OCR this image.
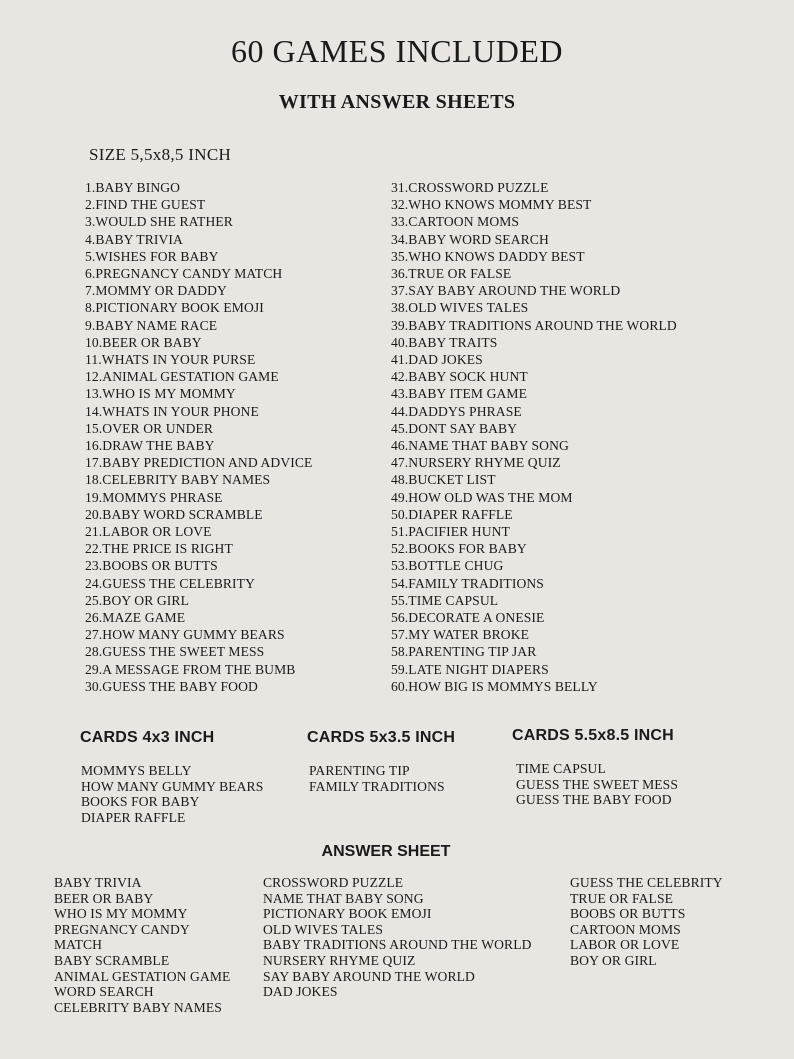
60 GAMES INCLUDED
WITH ANSWER SHEETS
SIZE 5,5x8,5 INCH
1.BABY BINGO
2.FIND THE GUEST
3.WOULD SHE RATHER
4.BABY TRIVIA
5.WISHES FOR BABY
6.PREGNANCY CANDY MATCH
7.MOMMY OR DADDY
8.PICTIONARY BOOK EMOJI
9.BABY NAME RACE
10.BEER OR BABY
11.WHATS IN YOUR PURSE
12.ANIMAL GESTATION GAME
13.WHO IS MY MOMMY
14.WHATS IN YOUR PHONE
15.OVER OR UNDER
16.DRAW THE BABY
17.BABY PREDICTION AND ADVICE
18.CELEBRITY BABY NAMES
19.MOMMYS PHRASE
20.BABY WORD SCRAMBLE
21.LABOR OR LOVE
22.THE PRICE IS RIGHT
23.BOOBS OR BUTTS
24.GUESS THE CELEBRITY
25.BOY OR GIRL
26.MAZE GAME
27.HOW MANY GUMMY BEARS
28.GUESS THE SWEET MESS
29.A MESSAGE FROM THE BUMB
30.GUESS THE BABY FOOD
31.CROSSWORD PUZZLE
32.WHO KNOWS MOMMY BEST
33.CARTOON MOMS
34.BABY WORD SEARCH
35.WHO KNOWS DADDY BEST
36.TRUE OR FALSE
37.SAY BABY AROUND THE WORLD
38.OLD WIVES TALES
39.BABY TRADITIONS AROUND THE WORLD
40.BABY TRAITS
41.DAD JOKES
42.BABY SOCK HUNT
43.BABY ITEM GAME
44.DADDYS PHRASE
45.DONT SAY BABY
46.NAME THAT BABY SONG
47.NURSERY RHYME QUIZ
48.BUCKET LIST
49.HOW OLD WAS THE MOM
50.DIAPER RAFFLE
51.PACIFIER HUNT
52.BOOKS FOR BABY
53.BOTTLE CHUG
54.FAMILY TRADITIONS
55.TIME CAPSUL
56.DECORATE A ONESIE
57.MY WATER BROKE
58.PARENTING TIP JAR
59.LATE NIGHT DIAPERS
60.HOW BIG IS MOMMYS BELLY
CARDS 4x3 INCH	CARDS 5x3.5 INCH	CARDS 5.5x8.5 INCH
MOMMYS BELLY
HOW MANY GUMMY BEARS
BOOKS FOR BABY
DIAPER RAFFLE
PARENTING TIP
FAMILY TRADITIONS
TIME CAPSUL
GUESS THE SWEET MESS
GUESS THE BABY FOOD
ANSWER SHEET
BABY TRIVIA
BEER OR BABY
WHO IS MY MOMMY
PREGNANCY CANDY
MATCH
BABY SCRAMBLE
ANIMAL GESTATION GAME
WORD SEARCH
CELEBRITY BABY NAMES
CROSSWORD PUZZLE
NAME THAT BABY SONG
PICTIONARY BOOK EMOJI
OLD WIVES TALES
BABY TRADITIONS AROUND THE WORLD
NURSERY RHYME QUIZ
SAY BABY AROUND THE WORLD
DAD JOKES
GUESS THE CELEBRITY
TRUE OR FALSE
BOOBS OR BUTTS
CARTOON MOMS
LABOR OR LOVE
BOY OR GIRL
